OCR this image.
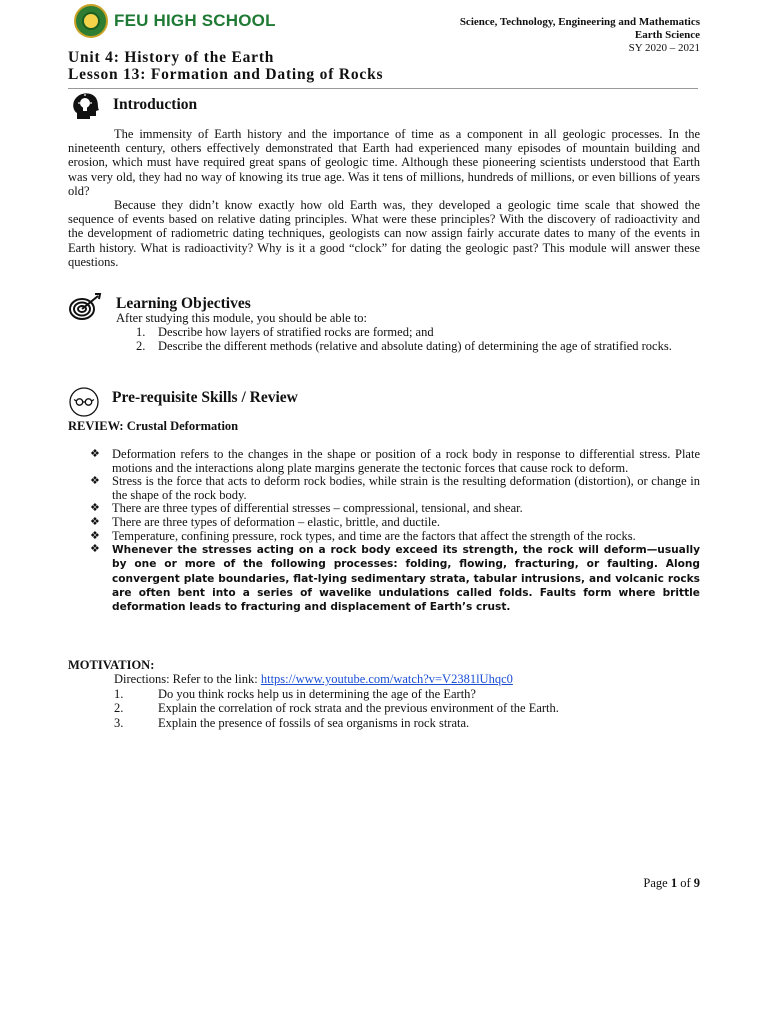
FEU HIGH SCHOOL	Science, Technology, Engineering and Mathematics
Earth Science
SY 2020 – 2021
Unit 4: History of the Earth
Lesson 13: Formation and Dating of Rocks
Introduction

The immensity of Earth history and the importance of time as a component in all geologic processes. In the nineteenth century, others effectively demonstrated that Earth had experienced many episodes of mountain building and erosion, which must have required great spans of geologic time. Although these pioneering scientists understood that Earth was very old, they had no way of knowing its true age. Was it tens of millions, hundreds of millions, or even billions of years old?

Because they didn’t know exactly how old Earth was, they developed a geologic time scale that showed the sequence of events based on relative dating principles. What were these principles? With the discovery of radioactivity and the development of radiometric dating techniques, geologists can now assign fairly accurate dates to many of the events in Earth history. What is radioactivity? Why is it a good “clock” for dating the geologic past? This module will answer these questions.

Learning Objectives
After studying this module, you should be able to:
1.	Describe how layers of stratified rocks are formed; and
2.	Describe the different methods (relative and absolute dating) of determining the age of stratified rocks.
Pre-requisite Skills / Review
REVIEW: Crustal Deformation
❖ Deformation refers to the changes in the shape or position of a rock body in response to differential stress. Plate motions and the interactions along plate margins generate the tectonic forces that cause rock to deform.
❖ Stress is the force that acts to deform rock bodies, while strain is the resulting deformation (distortion), or change in the shape of the rock body.
❖ There are three types of differential stresses – compressional, tensional, and shear.
❖ There are three types of deformation – elastic, brittle, and ductile.
❖ Temperature, confining pressure, rock types, and time are the factors that affect the strength of the rocks.
❖	Whenever the stresses acting on a rock body exceed its strength, the rock will deform—usually by one or more of the following processes: folding, flowing, fracturing, or faulting. Along convergent plate boundaries, flat-lying sedimentary strata, tabular intrusions, and volcanic rocks are often bent into a series of wavelike undulations called folds. Faults form where brittle deformation leads to fracturing and displacement of Earth’s crust.
MOTIVATION:
Directions: Refer to the link: https://www.youtube.com/watch?v=V2381lUhqc0
1.	Do you think rocks help us in determining the age of the Earth?
2.	Explain the correlation of rock strata and the previous environment of the Earth.
3.	Explain the presence of fossils of sea organisms in rock strata.
Page 1 of 9
